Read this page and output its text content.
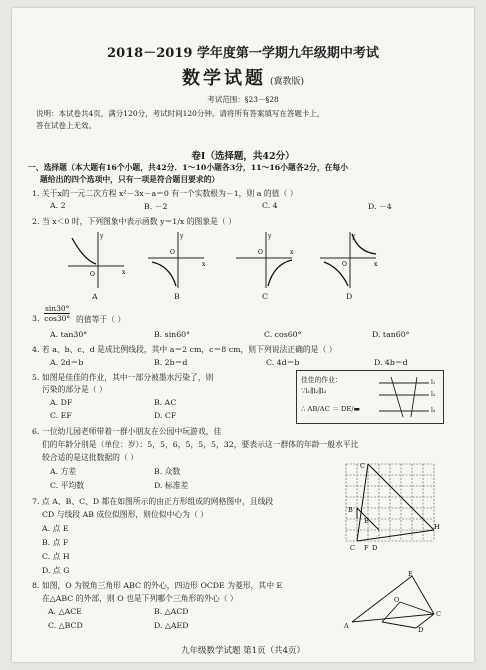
2018－2019 学年度第一学期九年级期中考试
数学试题 (冀教版)
考试范围：§23－§28
说明：本试卷共4页，满分120分，考试时间120分钟。请将所有答案填写在答题卡上，
答在试卷上无效。
卷Ⅰ（选择题，共42分）
一、选择题（本大题有16个小题，共42分．1～10小题各3分，11～16小题各2分，在每小
题给出的四个选项中，只有一项是符合题目要求的）
1. 关于x的一元二次方程 x²－3x－a＝0 有一个实数根为－1，则 a 的值（ ）
A. 2	B. －2	C. 4	D. －4
2. 当 x＜0 时，下列图象中表示函数 y＝1/x 的图象是（ ）
O	x
y
O
x
y
O	x
y
O	x
y
A	B	C	D
3. $\frac{\sin 30^\circ}{\cos 30^\circ}$ 的值等于（ ）
A. tan30°	B. sin60°	C. cos60°	D. tan60°
4. 若 a、b、c、d 是成比例线段，其中 a＝2 cm，c＝8 cm，则下列说法正确的是（ ）
A. 2d＝b	B. 2b＝d	C. 4d＝b	D. 4b＝d
5. 如图是佳佳的作业，其中一部分被墨水污染了，则
污染的部分是（ ）
A. DF	B. AC
C. EF	D. CF
佳佳的作业：
∵l₁∥l₂∥l₃
∴ AB/AC ＝ DE/▬
l₁
l₂
l₃
6. 一位幼儿园老师带着一群小朋友在公园中玩游戏，佳
们的年龄分别是（单位：岁）：5，5，6，5，5，5，32，要表示这一群体的年龄一般水平比
较合适的是这批数据的（ ）
A. 方差	B. 众数
C. 平均数	D. 标准差
C
B
E
C F D
H
7. 点 A、B、C、D 都在如图所示的由正方形组成的网格图中，且线段
CD 与线段 AB 成位似图形，则位似中心为（ ）
A. 点 E
B. 点 F
C. 点 H
D. 点 G
8. 如图，O 为锐角三角形 ABC 的外心，四边形 OCDE 为菱形，其中 E
在△ABC 的外部，则 O 也是下列哪个三角形的外心（ ）
A. △ACE	B. △ACD
C. △BCD	D. △AED	A
E
C
O
D
九年级数学试题 第1页（共4页）
